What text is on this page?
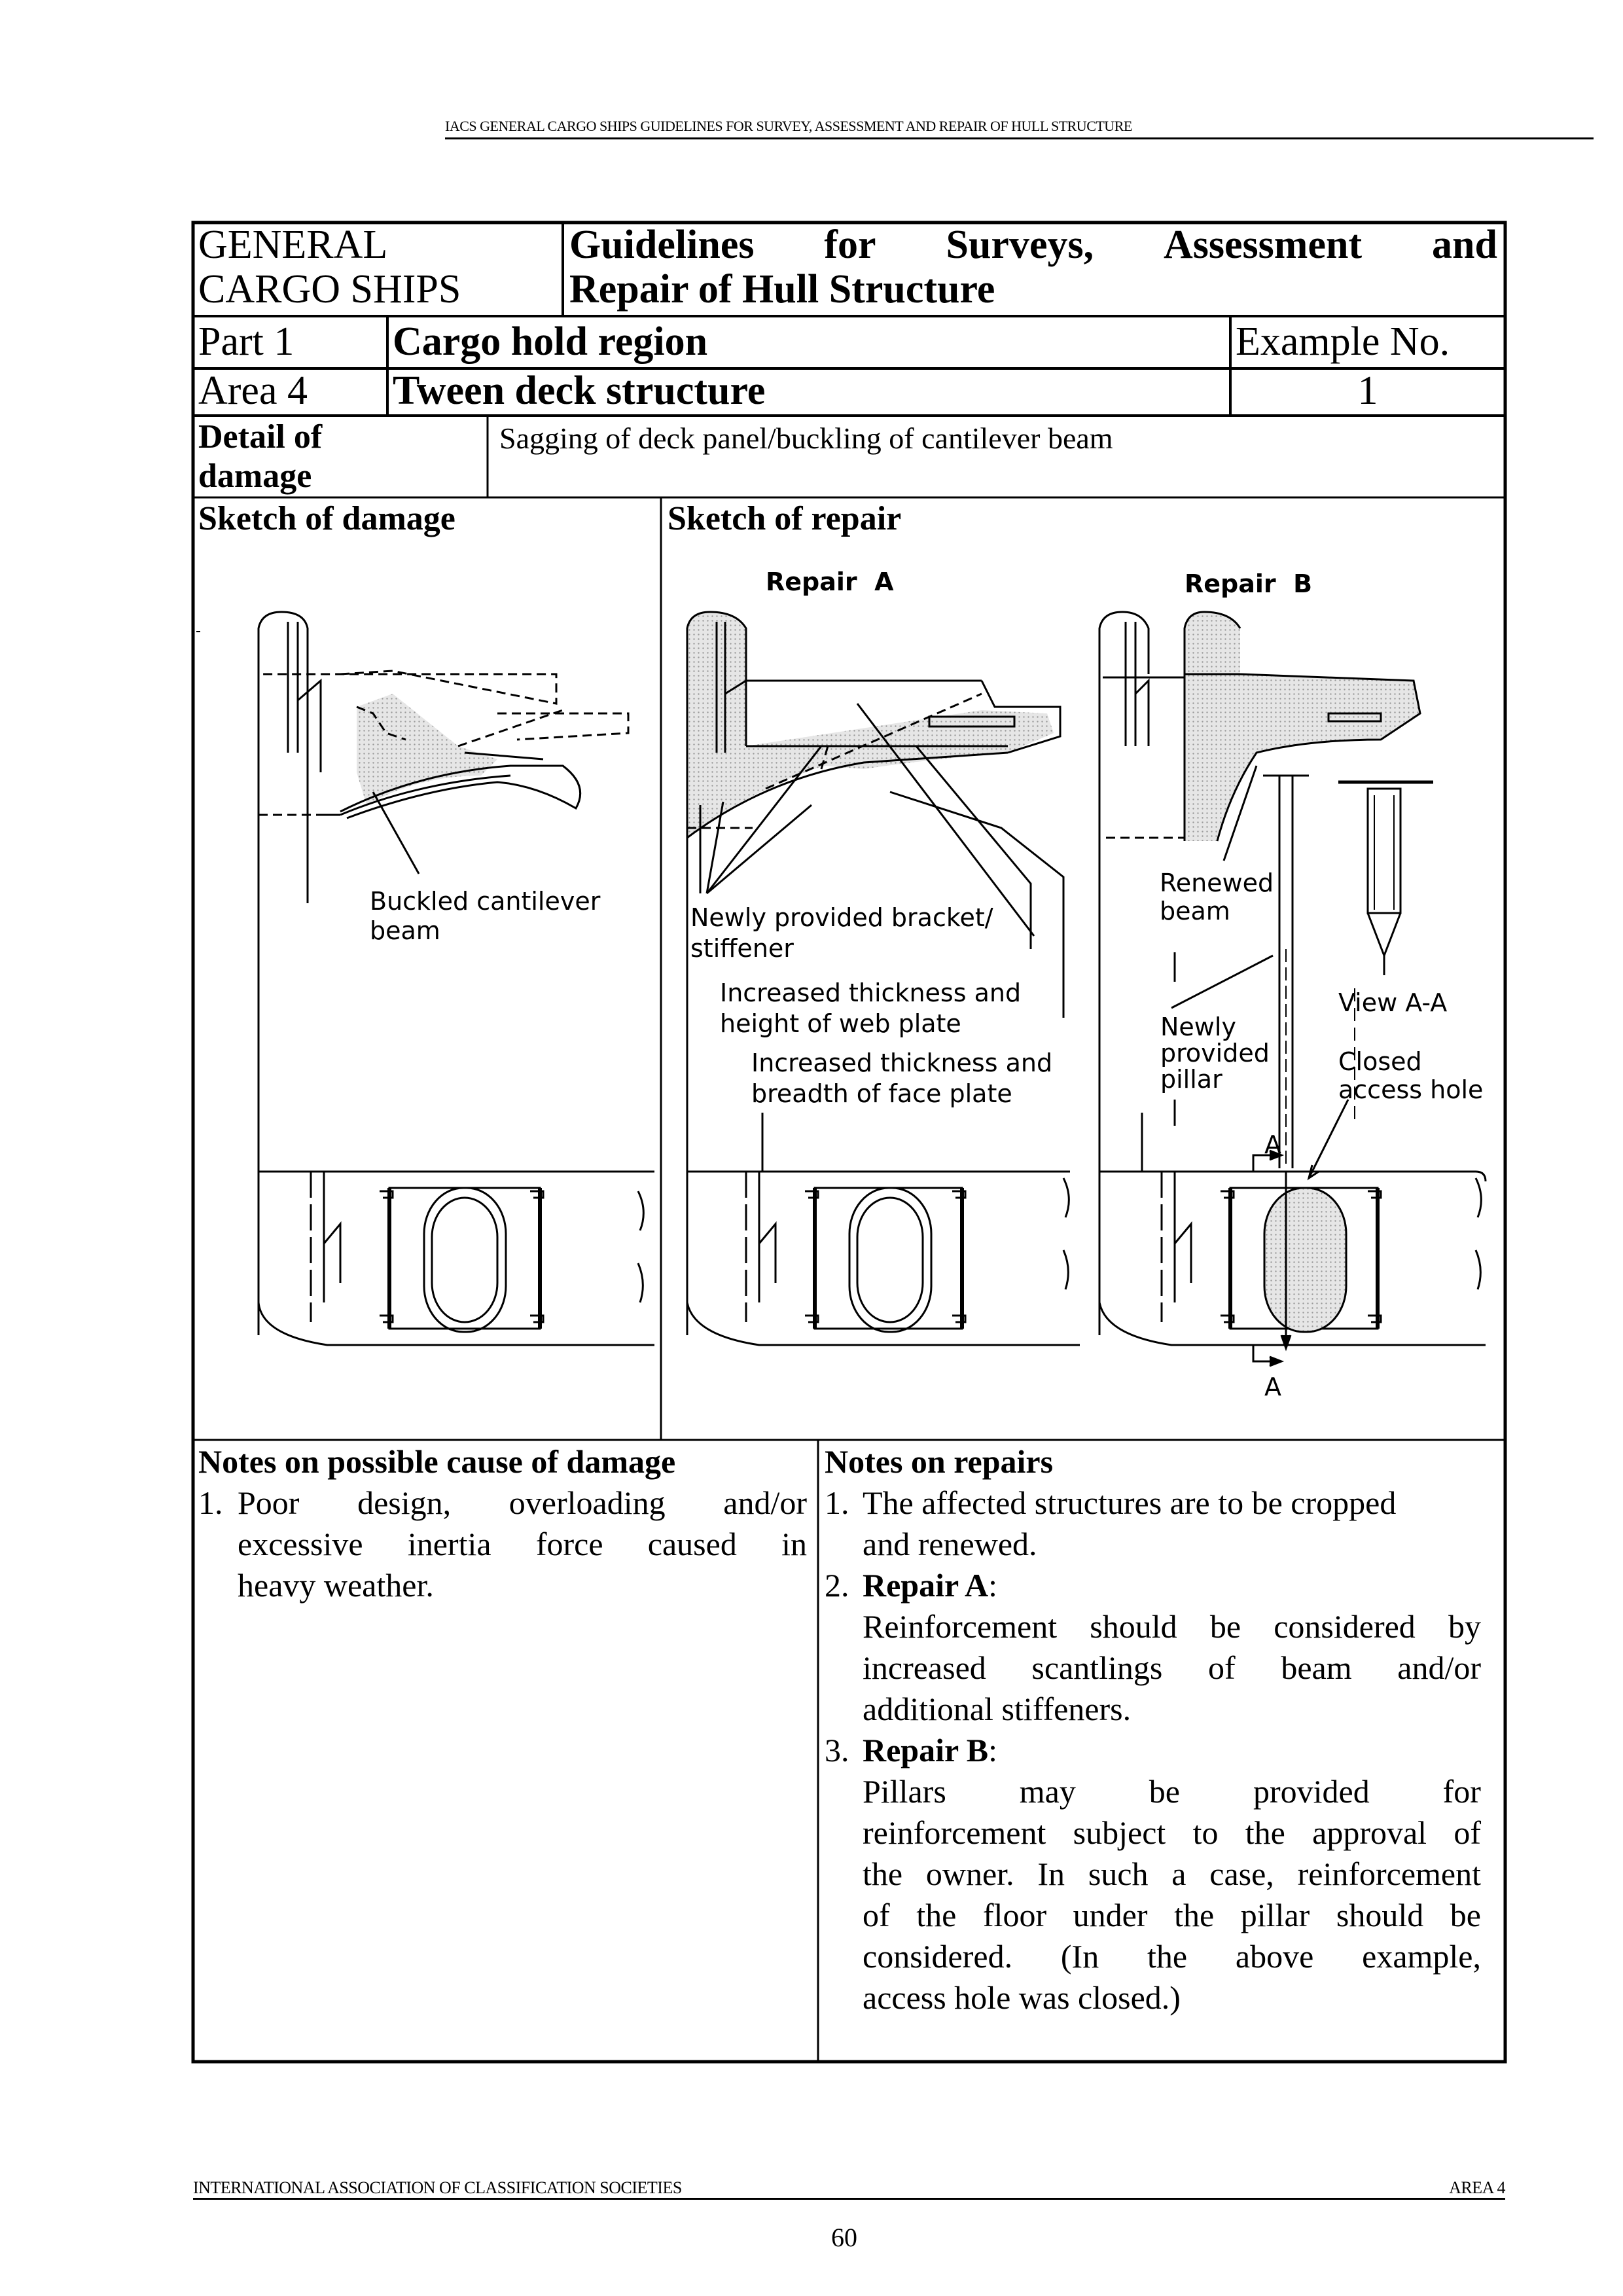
IACS GENERAL CARGO SHIPS GUIDELINES FOR SURVEY, ASSESSMENT AND REPAIR OF HULL STRUCTURE
GENERAL
CARGO SHIPS
Guidelines for Surveys, Assessment and
Repair of Hull Structure
Part 1 Cargo hold region	Example No.
Area 4 Tween deck structure	1
Detail of
damage
Sagging of deck panel/buckling of cantilever beam
Sketch of damage	Sketch of repair
Repair  A	Repair  B
Buckled cantilever
beam	Newly provided bracket/
stiffener
Increased thickness and
height of web plate
Increased thickness and
breadth of face plate
Renewed
beam
Newly
provided
pillar
View A-A
Closed
access hole
A
A
Notes on possible cause of damage
1. Poor design, overloading and/or
excessive inertia force caused in
heavy weather.
Notes on repairs
1. The affected structures are to be cropped
and renewed.
2. Repair A:
Reinforcement should be considered by
increased scantlings of beam and/or
additional stiffeners.
3. Repair B:
Pillars may be provided for
reinforcement subject to the approval of
the owner. In such a case, reinforcement
of the floor under the pillar should be
considered. (In the above example,
access hole was closed.)
INTERNATIONAL ASSOCIATION OF CLASSIFICATION SOCIETIES	AREA 4
60
